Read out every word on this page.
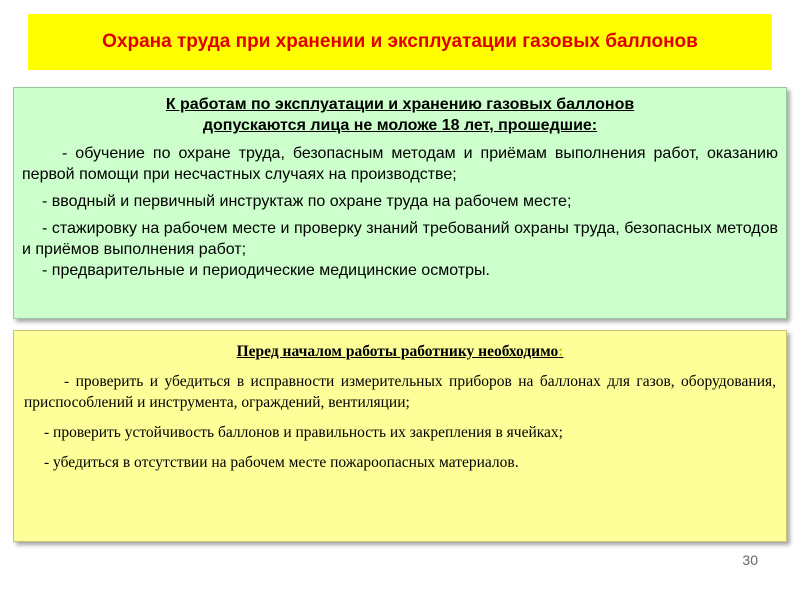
Охрана труда при хранении и эксплуатации газовых баллонов
К работам по эксплуатации и хранению газовых баллонов
допускаются лица не моложе 18 лет, прошедшие:

- обучение по охране труда, безопасным методам и приёмам выполнения работ, оказанию первой помощи при несчастных случаях на производстве;

- вводный и первичный инструктаж по охране труда на рабочем месте;

- стажировку на рабочем месте и проверку знаний требований охраны труда, безопасных методов и приёмов выполнения работ;

- предварительные и периодические медицинские осмотры.

Перед началом работы работнику необходимо:

- проверить и убедиться в исправности измерительных приборов на баллонах для газов, оборудования, приспособлений и инструмента, ограждений, вентиляции;

- проверить устойчивость баллонов и правильность их закрепления в ячейках;

- убедиться в отсутствии на рабочем месте пожароопасных материалов.

30
